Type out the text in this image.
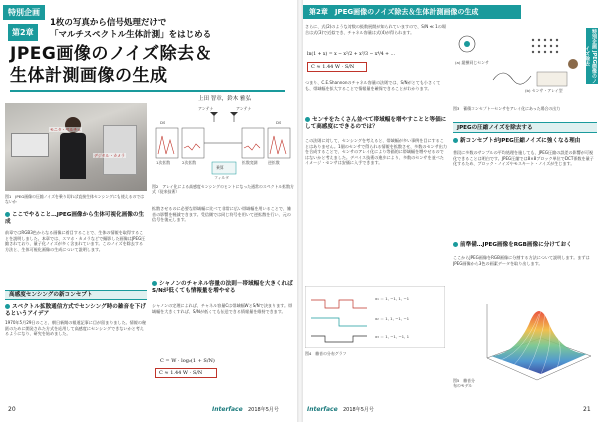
特別企画
第2章
1枚の写真から信号処理だけで
「マルチスペクトル生体計測」をはじめる
JPEG画像のノイズ除去＆
生体計測画像の生成
上田 智章，鈴木 雅弘
モニタ・ペルチェ
デジタル・カメラ
図1　JPEG画像の圧縮ノイズを乗り切れば直接生体センシングにも使えるのではないか
DS
アンテナ	アンテナ
DS
1次拡散	2次拡散	拡散変調	逆拡散
乗算
フィルタ
図2　アレイ化による高感度センシングのヒントになった通常のスペクトル拡散方式（従来技術）
ここでやること…JPEG画像から生体可視化画像の生成
前章ではRGB3色からなる画像に着目することで、生体の情報を取得することを説明しました。本章では、スマホ・カメラなどで撮影した画像はJPEG圧縮されており、量子化ノイズが多く含まれています。このノイズを除去する方法と、生体可視化画像の生成について説明します。
高感度センシングの新コンセプト
スペクトル拡散通信方式でセンシング時の雑音を下げるというアイデア
1970年5月29日のこと、朝日新聞の報道記事に目が留まりました。情報の秘匿のために開発された方式を応用して高感度にセンシングできないかと考えるようになり、研究を始めました。
拡散させるのに必要な帯域幅に比べて非常に広い帯域幅を用いることで、雑音の影響を軽減できます。受信側では同じ符号を用いて逆拡散を行い、元の信号を復元します。
シャノンのチャネル容量の法則－帯域幅を大きくればS/Nが低くても情報量を増やせる
シャノンの定理によれば、チャネル容量Cは帯域幅WとS/Nで決まります。帯域幅を大きくすれば、S/Nが低くても伝送できる情報量を維持できます。
C = W · log₂(1 + S/N)
C ≈ 1.44 W · S/N
20	Interface 2018年5月号
第2章　JPEG画像のノイズ除去＆生体計測画像の生成
特別企画 JPEG画像のノイズ除去
さらに、式(2)のような対数の級数展開が知られていますので、S/N ≪ 1の場合は式(3)で近似でき、チャネル容量は式(4)が得られます。
ln(1 + x) = x − x²/2 + x³/3 − x⁴/4 + …
C ≈ 1.44 W · S/N
つまり、C.E.Shannonのチャネル容量の法則では、S/Nがとても小さくても、帯域幅を拡大することで情報量を確保できることがわかります。
センサをたくさん並べて帯域幅を増やすことと等価にして高感度にできるのでは？
この法則に対して、センシングを考えると、帯域幅が多い事例を目にすることはありません。1個のセンサで得られる情報を拡散させ、多数のセンサ出力を合成することで、センサのアレイ化により等価的に帯域幅を増やせるのではないかと考えました。デバイス技術の進歩により、多数のセンサを並べたイメージ・センサは安価に入手できます。
(a) 縦横同じセンサ
(b) センサ・アレイ型
図3　蓄積コンセプトーセンサをアレイ化にあった場合の出力
JPEGの圧縮ノイズを除去する
新コンセプトがJPEG圧縮ノイズに強くなる理由
普段に多数のサンプルの平均処理を施しても、JPEG圧縮の誤差の影響が可視化できることは明白です。JPEG圧縮では8×8ブロック単位でDCT係数を量子化するため、ブロック・ノイズやモスキート・ノイズが生じます。
前準備…JPEG画像をRGB画像に分けておく
ここからJPEG画像をRGB画像に分割する方法について説明します。まずはJPEG画像から3色の画素データを取り出します。
x₁ ＝ 1, −1, 1, −1
x₂ ＝ 1, 1, −1, −1
x₃ ＝ 1, −1, −1, 1
図4　雑音の分布グラフ
図5　雑音分布のモデル
Interface 2018年5月号	21
